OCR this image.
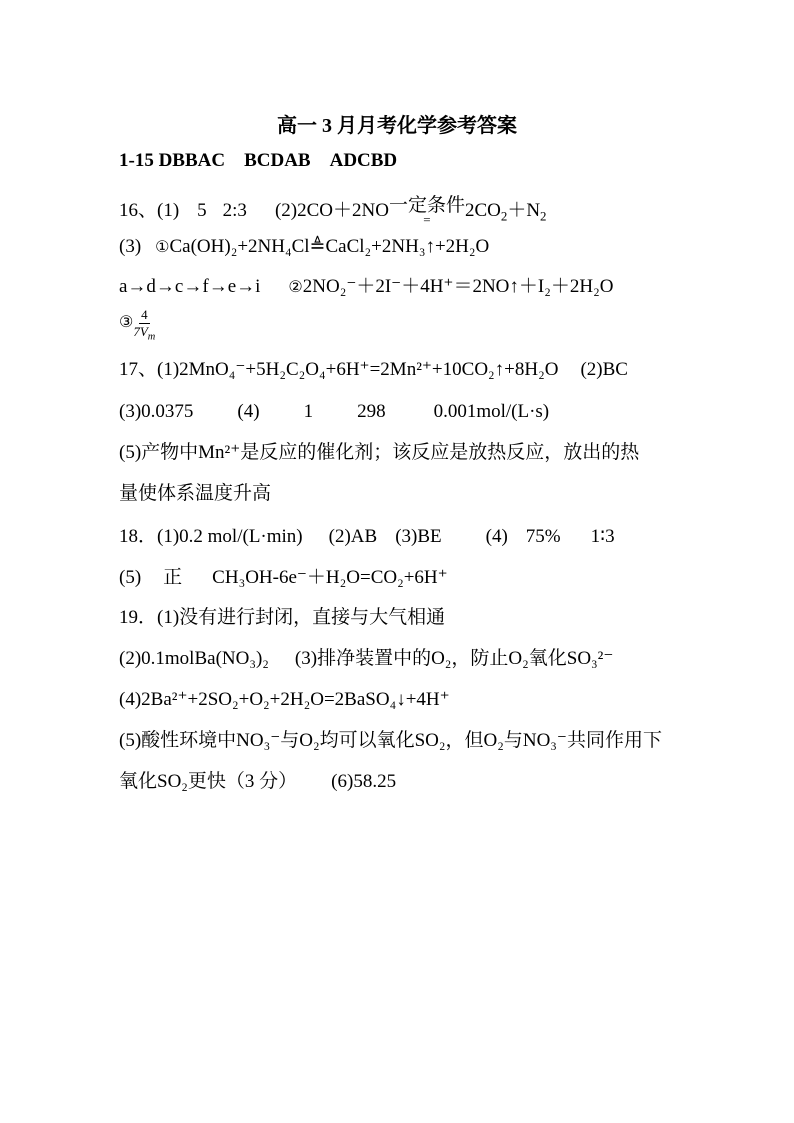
高一 3 月月考化学参考答案
1-15 DBBAC　BCDAB　ADCBD
16、(1) 5 2:3 (2)2CO＋2NO 一定条件
= $2CO_2+N_2$
(3) ①Ca(OH)₂+2NH₄Cl≜CaCl₂+2NH₃↑+2H₂O
a→d→c→f→e→i ②2NO₂⁻＋2I⁻＋4H⁺＝2NO↑＋I₂＋2H₂O
③ $\frac{4}{7V_m}$
17、(1)2MnO₄⁻+5H₂C₂O₄+6H⁺=2Mn²⁺+10CO₂↑+8H₂O (2)BC
(3)0.0375 (4) 1 298	0.001mol/(L·s)
(5)产物中Mn²⁺是反应的催化剂；该反应是放热反应，放出的热
量使体系温度升高
18．(1)0.2 mol/(L·min) (2)AB (3)BE (4) 75% 1∶3
(5) 正 CH₃OH-6e⁻＋H₂O=CO₂+6H⁺
19．(1)没有进行封闭，直接与大气相通
(2)0.1molBa(NO₃)₂ (3)排净装置中的O₂，防止O₂氧化SO₃²⁻
(4)2Ba²⁺+2SO₂+O₂+2H₂O=2BaSO₄↓+4H⁺
(5)酸性环境中NO₃⁻与O₂均可以氧化SO₂，但O₂与NO₃⁻共同作用下
氧化SO₂更快（3 分） (6)58.25
